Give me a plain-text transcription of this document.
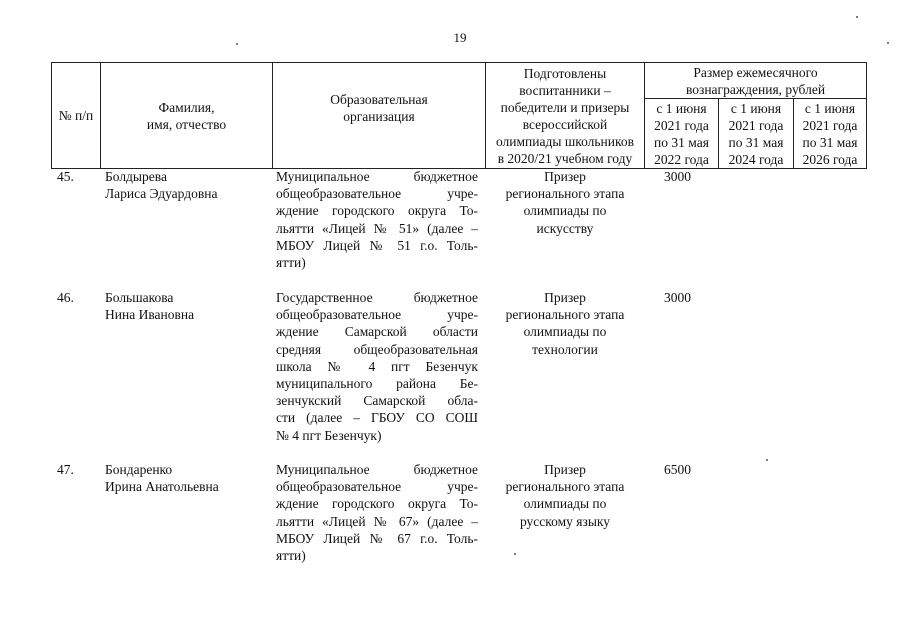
19
№ п/п
Фамилия,
имя, отчество
Образовательная
организация
Подготовлены
воспитанники –
победители и призеры
всероссийской
олимпиады школьников
в 2020/21 учебном году
Размер ежемесячного
вознаграждения, рублей
с 1 июня
2021 года
по 31 мая
2022 года
с 1 июня
2021 года
по 31 мая
2024 года
с 1 июня
2021 года
по 31 мая
2026 года
45. Болдырева
Лариса Эдуардовна
Муниципальное бюджетное
общеобразовательное учре-
ждение городского округа То-
льятти «Лицей № 51» (далее –
МБОУ Лицей № 51 г.о. Толь-
ятти)
Призер
регионального этапа
олимпиады по
искусству
3000
46. Большакова
Нина Ивановна
Государственное бюджетное
общеобразовательное учре-
ждение Самарской области
средняя общеобразовательная
школа № 4 пгт Безенчук
муниципального района Бе-
зенчукский Самарской обла-
сти (далее – ГБОУ СО СОШ
№ 4 пгт Безенчук)
Призер
регионального этапа
олимпиады по
технологии
3000
47. Бондаренко
Ирина Анатольевна
Муниципальное бюджетное
общеобразовательное учре-
ждение городского округа То-
льятти «Лицей № 67» (далее –
МБОУ Лицей № 67 г.о. Толь-
ятти)
Призер
регионального этапа
олимпиады по
русскому языку
6500
